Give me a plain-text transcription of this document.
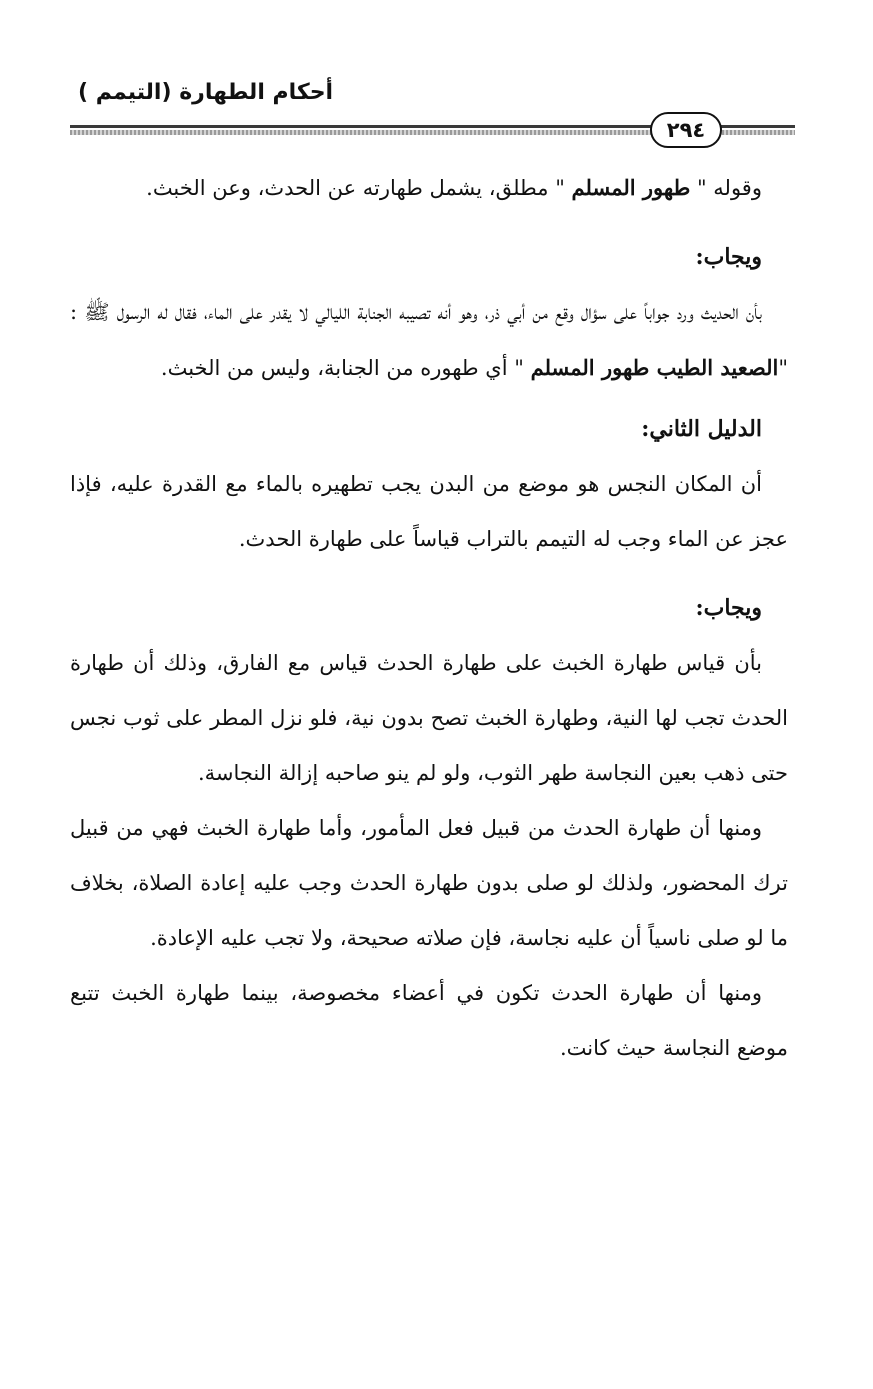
أحكام الطهارة (التيمم )
٢٩٤

وقوله " طهور المسلم " مطلق، يشمل طهارته عن الحدث، وعن الخبث.

ويجاب:

بأن الحديث ورد جواباً على سؤال وقع من أبي ذر، وهو أنه تصيبه الجنابة الليالي لا يقدر على الماء، فقال له الرسول ﷺ : "الصعيد الطيب طهور المسلم " أي طهوره من الجنابة، وليس من الخبث.

الدليل الثاني:

أن المكان النجس هو موضع من البدن يجب تطهيره بالماء مع القدرة عليه، فإذا عجز عن الماء وجب له التيمم بالتراب قياساً على طهارة الحدث.

ويجاب:

بأن قياس طهارة الخبث على طهارة الحدث قياس مع الفارق، وذلك أن طهارة الحدث تجب لها النية، وطهارة الخبث تصح بدون نية، فلو نزل المطر على ثوب نجس حتى ذهب بعين النجاسة طهر الثوب، ولو لم ينو صاحبه إزالة النجاسة.

ومنها أن طهارة الحدث من قبيل فعل المأمور، وأما طهارة الخبث فهي من قبيل ترك المحضور، ولذلك لو صلى بدون طهارة الحدث وجب عليه إعادة الصلاة، بخلاف ما لو صلى ناسياً أن عليه نجاسة، فإن صلاته صحيحة، ولا تجب عليه الإعادة.

ومنها أن طهارة الحدث تكون في أعضاء مخصوصة، بينما طهارة الخبث تتبع موضع النجاسة حيث كانت.
